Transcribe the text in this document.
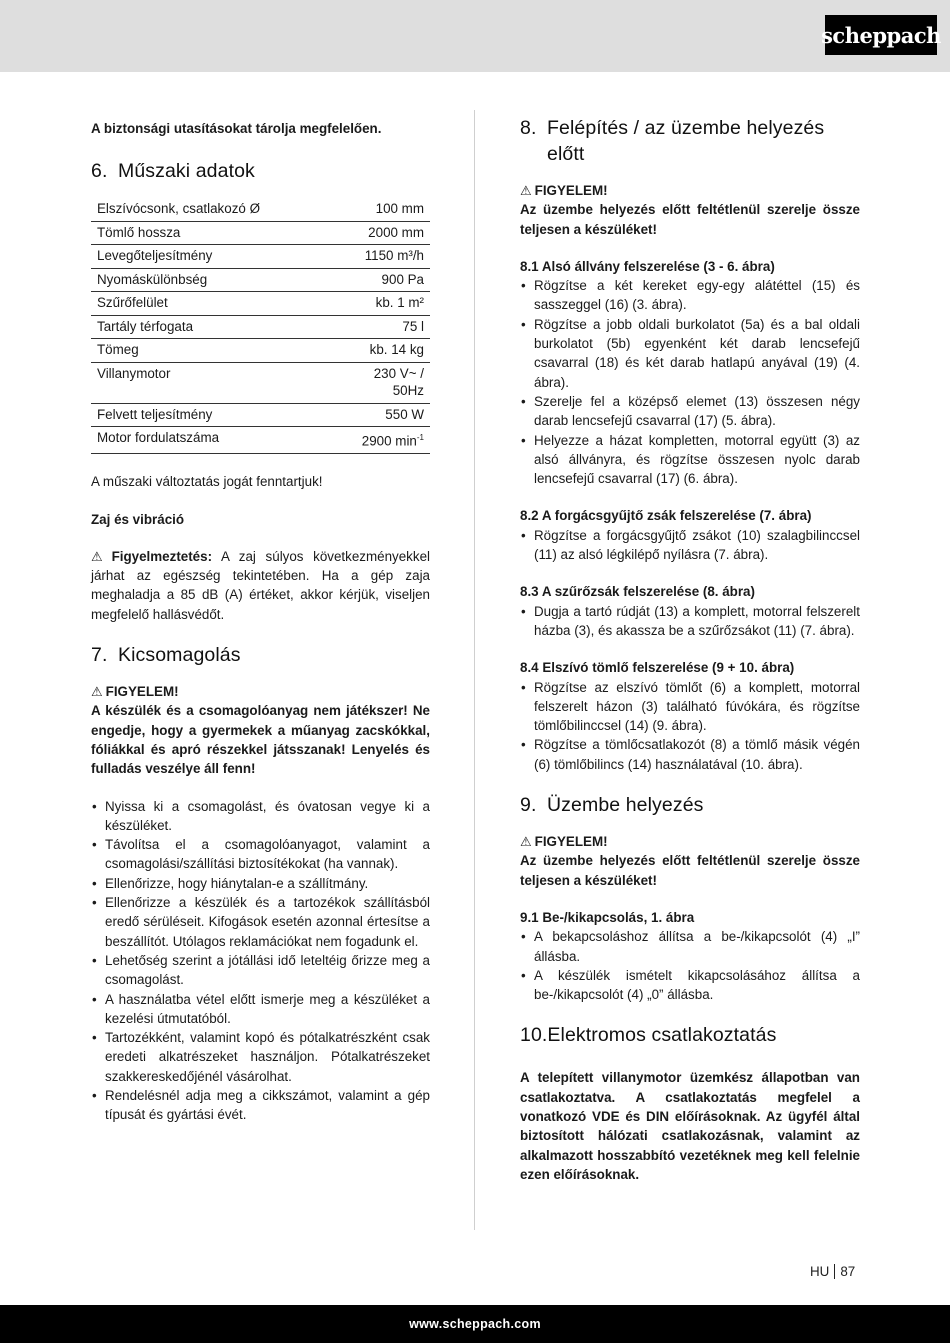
scheppach

A biztonsági utasításokat tárolja megfelelően.

6. Műszaki adatok
Elszívócsonk, csatlakozó Ø	100 mm
Tömlő hossza	2000 mm
Levegőteljesítmény	1150 m³/h
Nyomáskülönbség	900 Pa
Szűrőfelület	kb. 1 m²
Tartály térfogata	75 l
Tömeg	kb. 14 kg
Villanymotor	230 V~ /
50Hz
Felvett teljesítmény	550 W
Motor fordulatszáma	2900 $\min^{-1}$

A műszaki változtatás jogát fenntartjuk!

Zaj és vibráció

⚠ Figyelmeztetés: A zaj súlyos következményekkel járhat az egészség tekintetében. Ha a gép zaja meghaladja a 85 dB (A) értéket, akkor kérjük, viseljen megfelelő hallásvédőt.

7. Kicsomagolás

⚠ FIGYELEM!

A készülék és a csomagolóanyag nem játékszer! Ne engedje, hogy a gyermekek a műanyag zacskókkal, fóliákkal és apró részekkel játsszanak! Lenyelés és fulladás veszélye áll fenn!

• Nyissa ki a csomagolást, és óvatosan vegye ki a készüléket.
• Távolítsa el a csomagolóanyagot, valamint a csomagolási/szállítási biztosítékokat (ha vannak).
• Ellenőrizze, hogy hiánytalan-e a szállítmány.
• Ellenőrizze a készülék és a tartozékok szállításból eredő sérüléseit. Kifogások esetén azonnal értesítse a beszállítót. Utólagos reklamációkat nem fogadunk el.
• Lehetőség szerint a jótállási idő leteltéig őrizze meg a csomagolást.
• A használatba vétel előtt ismerje meg a készüléket a kezelési útmutatóból.
• Tartozékként, valamint kopó és pótalkatrészként csak eredeti alkatrészeket használjon. Pótalkatrészeket szakkereskedőjénél vásárolhat.
• Rendelésnél adja meg a cikkszámot, valamint a gép típusát és gyártási évét.
8. Felépítés / az üzembe helyezés előtt

⚠ FIGYELEM!

Az üzembe helyezés előtt feltétlenül szerelje össze teljesen a készüléket!

8.1 Alsó állvány felszerelése (3 - 6. ábra)

• Rögzítse a két kereket egy-egy alátéttel (15) és sasszeggel (16) (3. ábra).
• Rögzítse a jobb oldali burkolatot (5a) és a bal oldali burkolatot (5b) egyenként két darab lencsefejű csavarral (18) és két darab hatlapú anyával (19) (4. ábra).
• Szerelje fel a középső elemet (13) összesen négy darab lencsefejű csavarral (17) (5. ábra).
• Helyezze a házat kompletten, motorral együtt (3) az alsó állványra, és rögzítse összesen nyolc darab lencsefejű csavarral (17) (6. ábra).

8.2 A forgácsgyűjtő zsák felszerelése (7. ábra)

• Rögzítse a forgácsgyűjtő zsákot (10) szalagbilinccsel (11) az alsó légkilépő nyílásra (7. ábra).

8.3 A szűrőzsák felszerelése (8. ábra)

• Dugja a tartó rúdját (13) a komplett, motorral felszerelt házba (3), és akassza be a szűrőzsákot (11) (7. ábra).

8.4 Elszívó tömlő felszerelése (9 + 10. ábra)

• Rögzítse az elszívó tömlőt (6) a komplett, motorral felszerelt házon (3) található fúvókára, és rögzítse tömlőbilinccsel (14) (9. ábra).
• Rögzítse a tömlőcsatlakozót (8) a tömlő másik végén (6) tömlőbilincs (14) használatával (10. ábra).
9. Üzembe helyezés

⚠ FIGYELEM!

Az üzembe helyezés előtt feltétlenül szerelje össze teljesen a készüléket!

9.1 Be-/kikapcsolás, 1. ábra

• A bekapcsoláshoz állítsa a be-/kikapcsolót (4) „I” állásba.
• A készülék ismételt kikapcsolásához állítsa a be-/kikapcsolót (4) „0” állásba.
10. Elektromos csatlakoztatás

A telepített villanymotor üzemkész állapotban van csatlakoztatva. A csatlakoztatás megfelel a vonatkozó VDE és DIN előírásoknak. Az ügyfél által biztosított hálózati csatlakozásnak, valamint az alkalmazott hosszabbító vezetéknek meg kell felelnie ezen előírásoknak.

HU 87
www.scheppach.com
